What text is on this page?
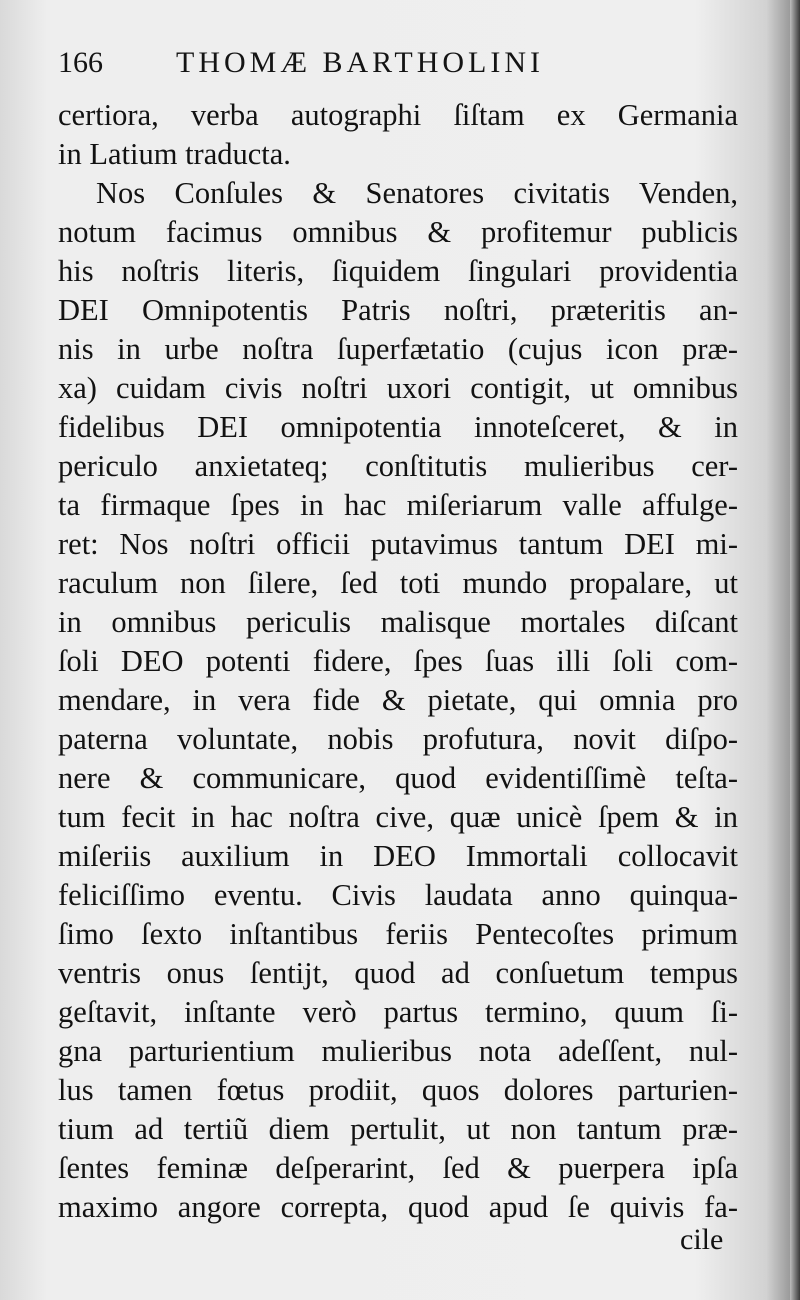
166 THOMÆ BARTHOLINI
certiora, verba autographi ſiſtam ex Germania
in Latium traducta.
Nos Conſules & Senatores civitatis Venden,
notum facimus omnibus & profitemur publicis
his noſtris literis, ſiquidem ſingulari providentia
DEI Omnipotentis Patris noſtri, præteritis an-
nis in urbe noſtra ſuperfætatio (cujus icon præ-
xa) cuidam civis noſtri uxori contigit, ut omnibus
fidelibus DEI omnipotentia innoteſceret, & in
periculo anxietateq; conſtitutis mulieribus cer-
ta firmaque ſpes in hac miſeriarum valle affulge-
ret: Nos noſtri officii putavimus tantum DEI mi-
raculum non ſilere, ſed toti mundo propalare, ut
in omnibus periculis malisque mortales diſcant
ſoli DEO potenti fidere, ſpes ſuas illi ſoli com-
mendare, in vera fide & pietate, qui omnia pro
paterna voluntate, nobis profutura, novit diſpo-
nere & communicare, quod evidentiſſimè teſta-
tum fecit in hac noſtra cive, quæ unicè ſpem & in
miſeriis auxilium in DEO Immortali collocavit
feliciſſimo eventu. Civis laudata anno quinqua-
ſimo ſexto inſtantibus feriis Pentecoſtes primum
ventris onus ſentijt, quod ad conſuetum tempus
geſtavit, inſtante verò partus termino, quum ſi-
gna parturientium mulieribus nota adeſſent, nul-
lus tamen fœtus prodiit, quos dolores parturien-
tium ad tertiũ diem pertulit, ut non tantum præ-
ſentes feminæ deſperarint, ſed & puerpera ipſa
maximo angore correpta, quod apud ſe quivis fa-
cile
